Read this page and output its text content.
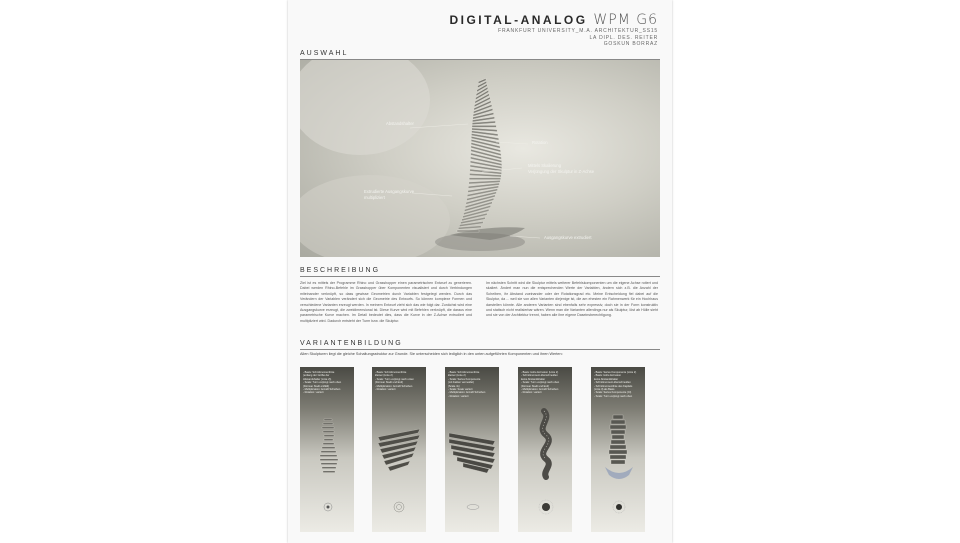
DIGITAL-ANALOG WPM G6
FRANKFURT UNIVERSITY_M.A. ARCHITEKTUR_SS15
LA DIPL. DES. REITER
GOSKUN BORRAZ
AUSWAHL
Abstandshalter
Rotation
Mittels Skalierung
Verjüngung der Skulptur in Z-Achse
Extrudierte Ausgangskurve
multipliziert
Ausgangskurve extrudiert
BESCHREIBUNG
Ziel ist es mittels der Programme Rhino und Grasshopper einen parametrischen Entwurf zu generieren. Dabei werden Rhino-Befehle im Grasshopper über Komponenten visualisiert und durch Verbindungen miteinander verknüpft, so dass gewisse Geometrien durch Variablen festgelegt werden. Durch das Verändern der Variablen verändert sich die Geometrie des Entwurfs. So können komplexe Formen und verschiedene Varianten erzeugt werden. In meinem Entwurf zieht sich das wie folgt dar. Zunächst wird eine Ausgangskurve erzeugt, die zweidimensional ist. Diese Kurve wird mit Befehlen verknüpft, die daraus eine parametrische Kurve machen. Im Detail bedeutet dies, dass die Kurve in der Z-Achse extrudiert und multipliziert wird. Dadurch entsteht der Turm bzw. die Skulptur.
Im nächsten Schritt wird die Skulptur mittels weiterer Befehlskomponenten um die eigene Achse rotiert und skaliert. Ändert man nun die entsprechenden Werte der Variablen, ändern sich z.B. die Anzahl der Scheiben, ihr Abstand zueinander oder der Rotationsgrad etc. Meine Entscheidung fiel dabei auf die Skulptur, da ... weil sie von allen Varianten diejenige ist, die am ehesten ein Rahmenwerk für ein Hochhaus darstellen könnte. Alle anderen Varianten sind ebenfalls sehr expressiv, doch sie in der Form konstruktiv und statisch nicht realisierbar wären. Wenn man die Varianten allerdings nur als Skulptur, löst ab Hülle sieht und sie von der Architektur trennt, haben alle ihre eigene Daseinsberechtigung.
VARIANTENBILDUNG
Allen Skulpturen liegt die gleiche Schaltungsstruktur zur Grunde. Sie unterscheiden sich lediglich in den unten aufgeführten Komponenten und ihren Werten:
- Basis: Schnittmomentlinie
(entlang der Größe der
Abstandshalter (Linie 2))
- Scale: Turm verjüngt nach oben
(Dorman Stadt entfällt)
- Multiplication: Anzahl Scheiben
- Rotation: variiert
- Basis: Schnittmomentlinie
kleiner (Linie 2)
- Scale: Turm verjüngt nach unten
(Dorman Stadt und End)
- Multiplication: Anzahl Scheiben
- Rotation: variiert
- Basis: Schnittmomentlinie
kleiner (Linie 2)
- Scale: Series Komponente
(mit Fakten vermeidet)
(Scale 4x)
- Scale: Scale variiert
- Multiplication: Anzahl Scheiben
- Rotation: variiert
- Basis: Hohe Extrusion (Linie 2)
- Schnittmoment-überschneiden
keine Abstandshalter
- Scale: Turm verjüngt nach oben
(Dorman Stadt und End)
- Multiplication: Anzahl Scheiben
- Rotation: variiert
- Basis: Series Komponente (Linie 2)
- Basis: Hohe Extrusion
keine Abstandshalter
- Schnittmoment-überschneiden
- Schnittmomentlinie des Kapitels
(Linie 3) als Basis
- Scale: Series Komponente (Cl)
- Scale: Turm verjüngt nach oben
